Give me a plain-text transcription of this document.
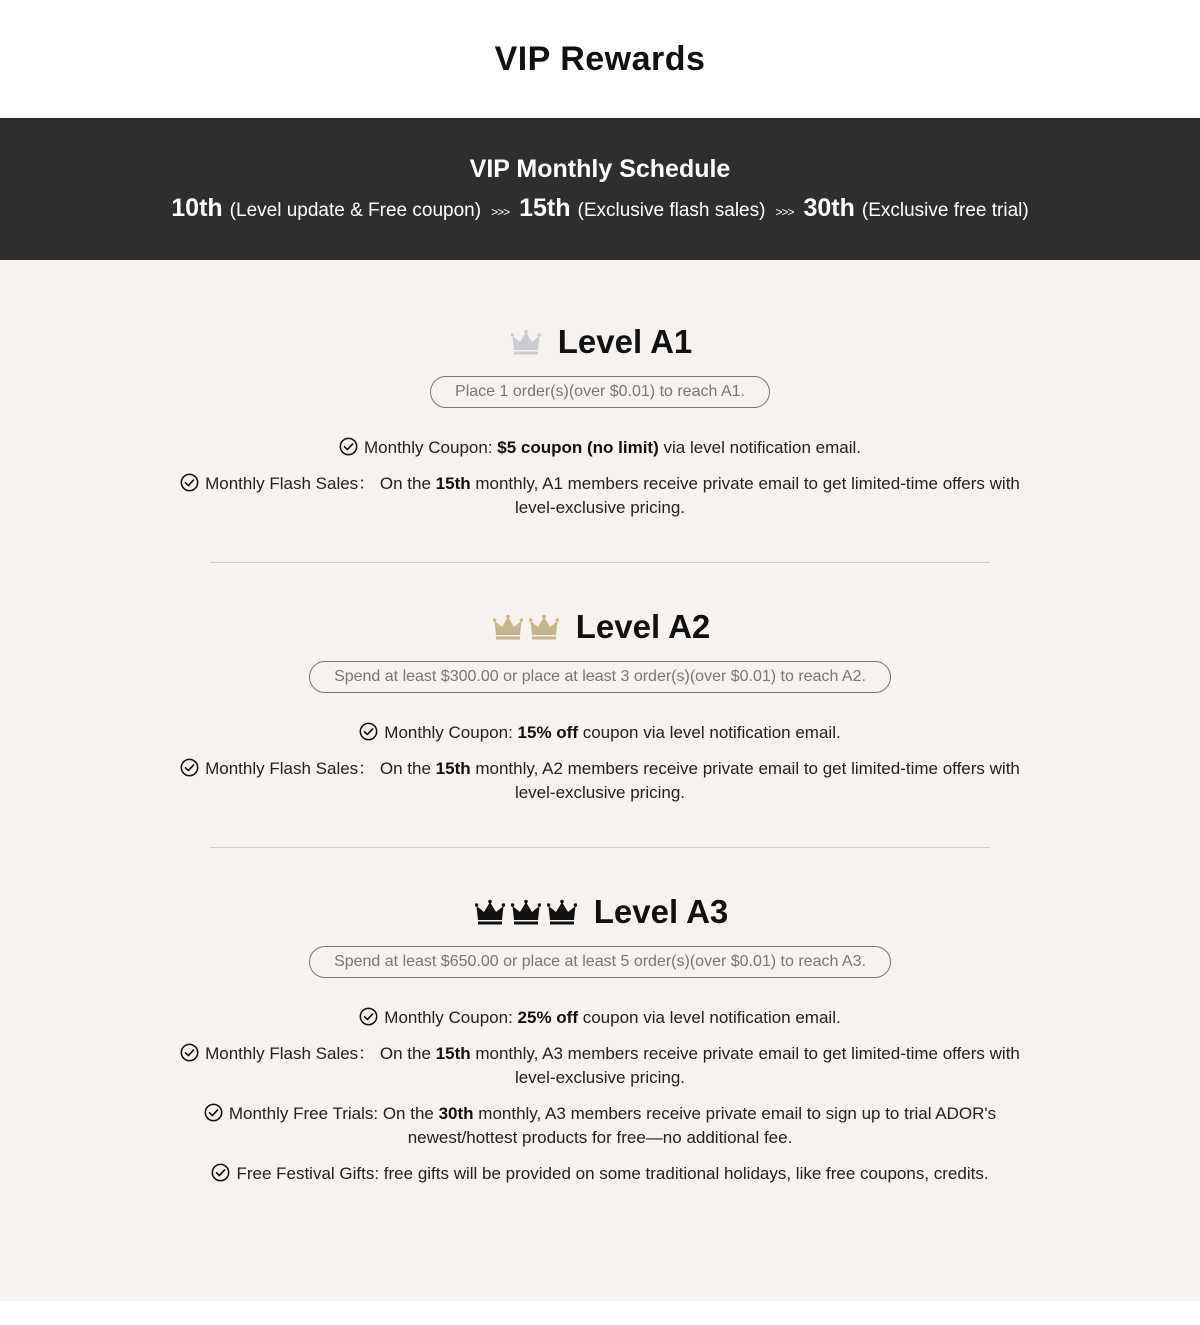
VIP Rewards
VIP Monthly Schedule
10th (Level update & Free coupon) >>> 15th (Exclusive flash sales) >>> 30th (Exclusive free trial)
Level A1
Place 1 order(s)(over $0.01) to reach A1.
Monthly Coupon: $5 coupon (no limit) via level notification email.
Monthly Flash Sales： On the 15th monthly, A1 members receive private email to get limited-time offers with level-exclusive pricing.
Level A2
Spend at least $300.00 or place at least 3 order(s)(over $0.01) to reach A2.
Monthly Coupon: 15% off coupon via level notification email.
Monthly Flash Sales： On the 15th monthly, A2 members receive private email to get limited-time offers with level-exclusive pricing.
Level A3
Spend at least $650.00 or place at least 5 order(s)(over $0.01) to reach A3.
Monthly Coupon: 25% off coupon via level notification email.
Monthly Flash Sales： On the 15th monthly, A3 members receive private email to get limited-time offers with level-exclusive pricing.
Monthly Free Trials: On the 30th monthly, A3 members receive private email to sign up to trial ADOR's newest/hottest products for free—no additional fee.
Free Festival Gifts: free gifts will be provided on some traditional holidays, like free coupons, credits.
